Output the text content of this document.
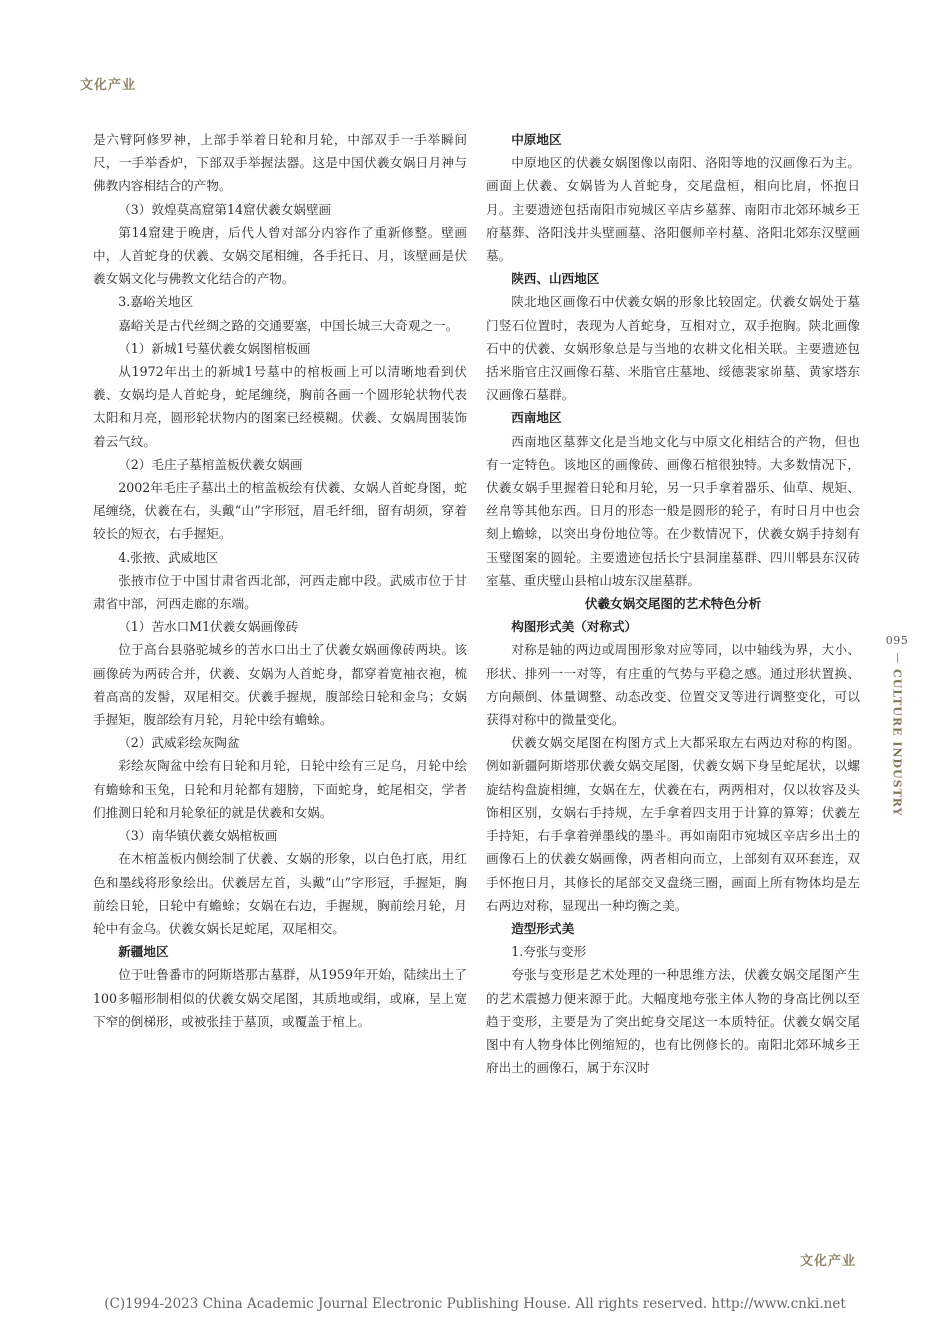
文化产业
095
CULTURE INDUSTRY

是六臂阿修罗神，上部手举着日轮和月轮，中部双手一手举瞬间尺，一手举香炉，下部双手举握法器。这是中国伏羲女娲日月神与佛教内容相结合的产物。

（3）敦煌莫高窟第14窟伏羲女娲壁画

第14窟建于晚唐，后代人曾对部分内容作了重新修整。壁画中，人首蛇身的伏羲、女娲交尾相缠，各手托日、月，该壁画是伏羲女娲文化与佛教文化结合的产物。

3.嘉峪关地区

嘉峪关是古代丝绸之路的交通要塞，中国长城三大奇观之一。

（1）新城1号墓伏羲女娲图棺板画

从1972年出土的新城1号墓中的棺板画上可以清晰地看到伏羲、女娲均是人首蛇身，蛇尾缠绕，胸前各画一个圆形轮状物代表太阳和月亮，圆形轮状物内的图案已经模糊。伏羲、女娲周围装饰着云气纹。

（2）毛庄子墓棺盖板伏羲女娲画

2002年毛庄子墓出土的棺盖板绘有伏羲、女娲人首蛇身图，蛇尾缠绕，伏羲在右，头戴“山”字形冠，眉毛纤细，留有胡须，穿着较长的短衣，右手握矩。

4.张掖、武威地区

张掖市位于中国甘肃省西北部，河西走廊中段。武威市位于甘肃省中部，河西走廊的东端。

（1）苦水口M1伏羲女娲画像砖

位于高台县骆驼城乡的苦水口出土了伏羲女娲画像砖两块。该画像砖为两砖合并，伏羲、女娲为人首蛇身，都穿着宽袖衣袍，梳着高高的发髻，双尾相交。伏羲手握规，腹部绘日轮和金乌；女娲手握矩，腹部绘有月轮，月轮中绘有蟾蜍。

（2）武威彩绘灰陶盆

彩绘灰陶盆中绘有日轮和月轮，日轮中绘有三足乌，月轮中绘有蟾蜍和玉兔，日轮和月轮都有翅膀，下面蛇身，蛇尾相交，学者们推测日轮和月轮象征的就是伏羲和女娲。

（3）南华镇伏羲女娲棺板画

在木棺盖板内侧绘制了伏羲、女娲的形象，以白色打底，用红色和墨线将形象绘出。伏羲居左首，头戴“山”字形冠，手握矩，胸前绘日轮，日轮中有蟾蜍；女娲在右边，手握规，胸前绘月轮，月轮中有金乌。伏羲女娲长足蛇尾，双尾相交。

新疆地区

位于吐鲁番市的阿斯塔那古墓群，从1959年开始，陆续出土了100多幅形制相似的伏羲女娲交尾图，其质地或绢，或麻，呈上宽下窄的倒梯形，或被张挂于墓顶，或覆盖于棺上。

中原地区

中原地区的伏羲女娲图像以南阳、洛阳等地的汉画像石为主。画面上伏羲、女娲皆为人首蛇身，交尾盘桓，相向比肩，怀抱日月。主要遗迹包括南阳市宛城区辛店乡墓葬、南阳市北郊环城乡王府墓葬、洛阳浅井头壁画墓、洛阳偃师辛村墓、洛阳北郊东汉壁画墓。

陕西、山西地区

陕北地区画像石中伏羲女娲的形象比较固定。伏羲女娲处于墓门竖石位置时，表现为人首蛇身，互相对立，双手抱胸。陕北画像石中的伏羲、女娲形象总是与当地的农耕文化相关联。主要遗迹包括米脂官庄汉画像石墓、米脂官庄墓地、绥德裴家峁墓、黄家塔东汉画像石墓群。

西南地区

西南地区墓葬文化是当地文化与中原文化相结合的产物，但也有一定特色。该地区的画像砖、画像石棺很独特。大多数情况下，伏羲女娲手里握着日轮和月轮，另一只手拿着器乐、仙草、规矩、丝帛等其他东西。日月的形态一般是圆形的轮子，有时日月中也会刻上蟾蜍，以突出身份地位等。在少数情况下，伏羲女娲手持刻有玉璧图案的圆轮。主要遗迹包括长宁县洞崖墓群、四川郫县东汉砖室墓、重庆璧山县棺山坡东汉崖墓群。

伏羲女娲交尾图的艺术特色分析

构图形式美（对称式）

对称是轴的两边或周围形象对应等同，以中轴线为界，大小、形状、排列一一对等，有庄重的气势与平稳之感。通过形状置换、方向颠倒、体量调整、动态改变、位置交叉等进行调整变化，可以获得对称中的微量变化。

伏羲女娲交尾图在构图方式上大都采取左右两边对称的构图。例如新疆阿斯塔那伏羲女娲交尾图，伏羲女娲下身呈蛇尾状，以螺旋结构盘旋相缠，女娲在左，伏羲在右，两两相对，仅以妆容及头饰相区别，女娲右手持规，左手拿着四支用于计算的算筹；伏羲左手持矩，右手拿着弹墨线的墨斗。再如南阳市宛城区辛店乡出土的画像石上的伏羲女娲画像，两者相向而立，上部刻有双环套连，双手怀抱日月，其修长的尾部交叉盘绕三圈，画面上所有物体均是左右两边对称，显现出一种均衡之美。

造型形式美

1.夸张与变形

夸张与变形是艺术处理的一种思维方法，伏羲女娲交尾图产生的艺术震撼力便来源于此。大幅度地夸张主体人物的身高比例以至趋于变形，主要是为了突出蛇身交尾这一本质特征。伏羲女娲交尾图中有人物身体比例缩短的，也有比例修长的。南阳北郊环城乡王府出土的画像石，属于东汉时

文化产业
(C)1994-2023 China Academic Journal Electronic Publishing House. All rights reserved. http://www.cnki.net
